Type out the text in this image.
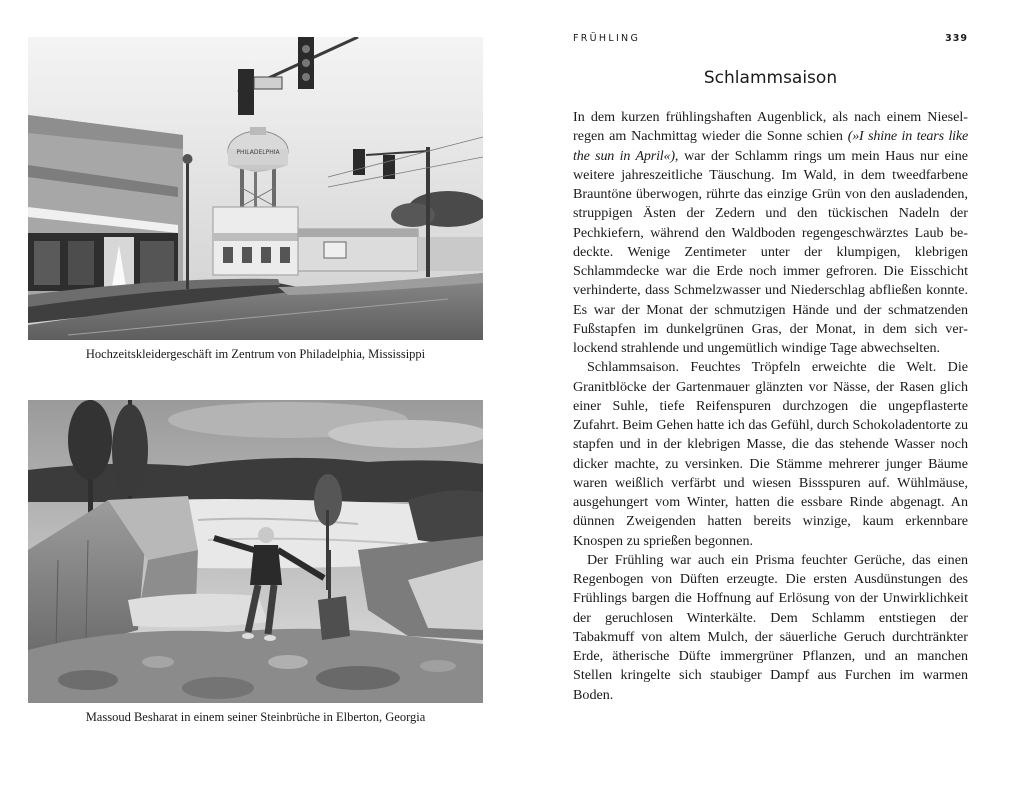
PHILADELPHIA
Hochzeitskleidergeschäft im Zentrum von Philadelphia, Mississippi
Massoud Besharat in einem seiner Steinbrüche in Elberton, Georgia
FRÜHLING	339
Schlammsaison

In dem kurzen frühlingshaften Augenblick, als nach einem Nieselregen am Nachmittag wieder die Sonne schien (»I shine in tears like the sun in April«), war der Schlamm rings um mein Haus nur eine weitere jahreszeitliche Täuschung. Im Wald, in dem tweedfarbene Brauntöne überwogen, rührte das einzige Grün von den ausladenden, struppigen Ästen der Zedern und den tückischen Nadeln der Pechkiefern, während den Waldboden regengeschwärztes Laub bedeckte. Wenige Zentimeter unter der klumpigen, klebrigen Schlammdecke war die Erde noch immer gefroren. Die Eisschicht verhinderte, dass Schmelzwasser und Niederschlag abfließen konnte. Es war der Monat der schmutzigen Hände und der schmatzenden Fußstapfen im dunkelgrünen Gras, der Monat, in dem sich verlockend strahlende und ungemütlich windige Tage abwechselten.

Schlammsaison. Feuchtes Tröpfeln erweichte die Welt. Die Granitblöcke der Gartenmauer glänzten vor Nässe, der Rasen glich einer Suhle, tiefe Reifenspuren durchzogen die ungepflasterte Zufahrt. Beim Gehen hatte ich das Gefühl, durch Schokoladentorte zu stapfen und in der klebrigen Masse, die das stehende Wasser noch dicker machte, zu versinken. Die Stämme mehrerer junger Bäume waren weißlich verfärbt und wiesen Bissspuren auf. Wühlmäuse, ausgehungert vom Winter, hatten die essbare Rinde abgenagt. An dünnen Zweigenden hatten bereits winzige, kaum erkennbare Knospen zu sprießen begonnen.

Der Frühling war auch ein Prisma feuchter Gerüche, das einen Regenbogen von Düften erzeugte. Die ersten Ausdünstungen des Frühlings bargen die Hoffnung auf Erlösung von der Unwirklichkeit der geruchlosen Winterkälte. Dem Schlamm entstiegen der Tabakmuff von altem Mulch, der säuerliche Geruch durchtränkter Erde, ätherische Düfte immergrüner Pflanzen, und an manchen Stellen kringelte sich staubiger Dampf aus Furchen im warmen Boden.
